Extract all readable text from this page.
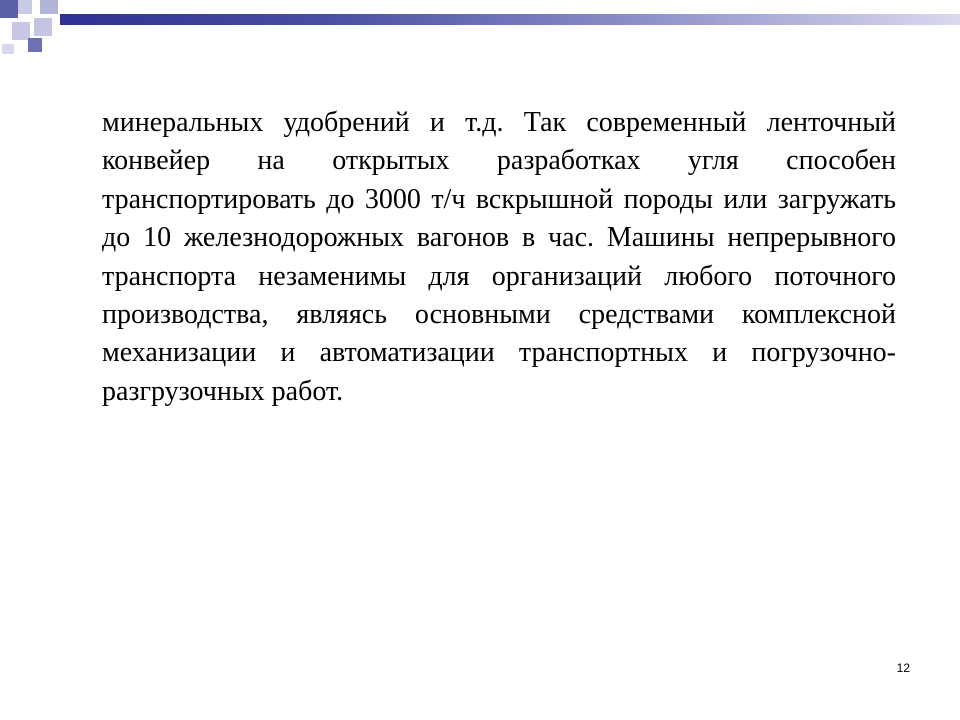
минеральных удобрений и т.д. Так современный ленточный конвейер на открытых разработках угля способен транспортировать до 3000 т/ч вскрышной породы или загружать до 10 железнодорожных вагонов в час. Машины непрерывного транспорта незаменимы для организаций любого поточного производства, являясь основными средствами комплексной механизации и автоматизации транспортных и погрузочно-разгрузочных работ.

12
